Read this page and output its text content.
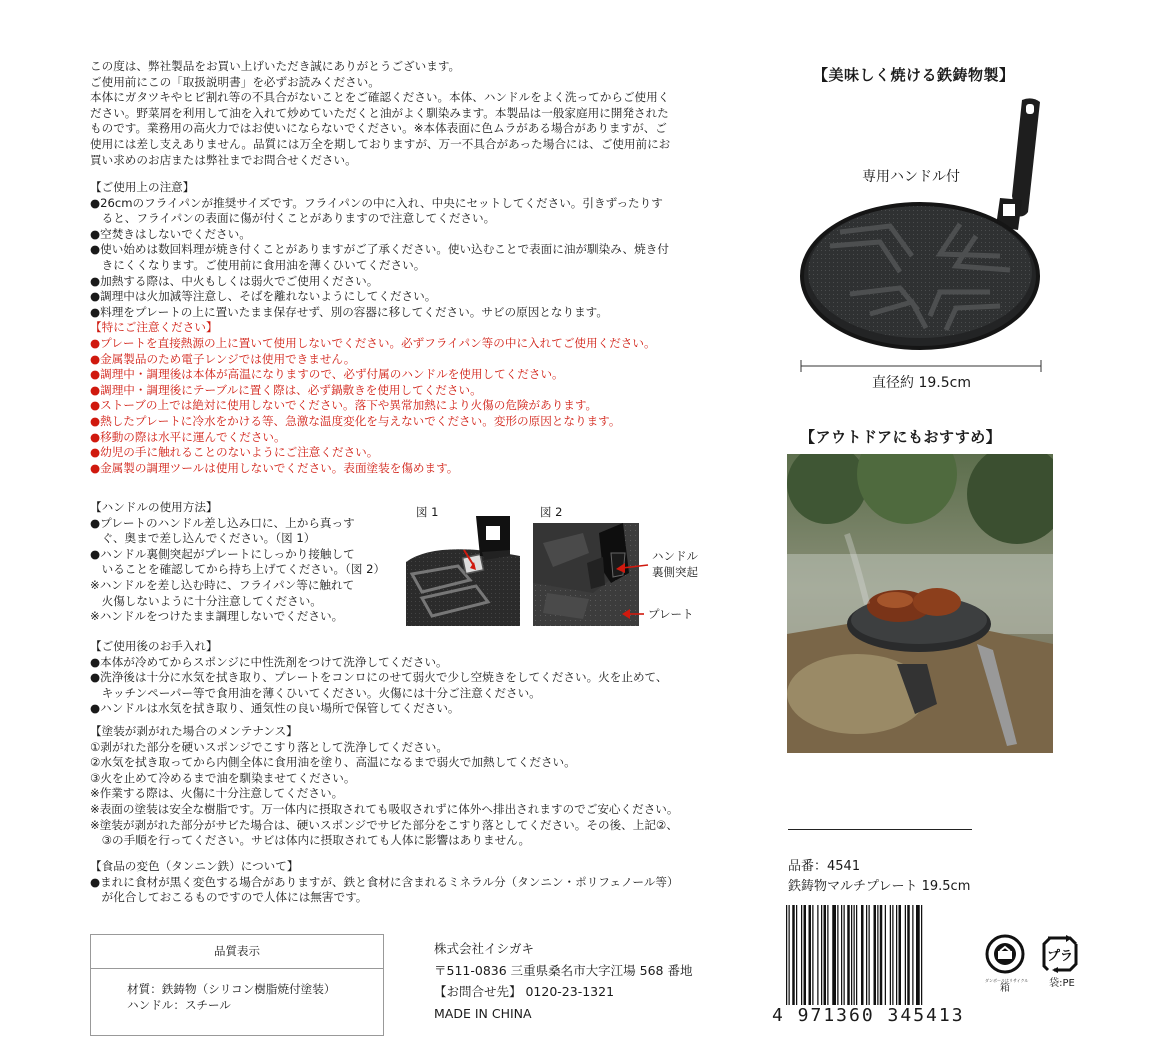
この度は、弊社製品をお買い上げいただき誠にありがとうございます。

ご使用前にこの「取扱説明書」を必ずお読みください。

本体にガタツキやヒビ割れ等の不具合がないことをご確認ください。本体、ハンドルをよく洗ってからご使用く

ださい。野菜屑を利用して油を入れて炒めていただくと油がよく馴染みます。本製品は一般家庭用に開発された

ものです。業務用の高火力ではお使いにならないでください。※本体表面に色ムラがある場合がありますが、ご

使用には差し支えありません。品質には万全を期しておりますが、万一不具合があった場合には、ご使用前にお

買い求めのお店または弊社までお問合せください。

【ご使用上の注意】

●26cmのフライパンが推奨サイズです。フライパンの中に入れ、中央にセットしてください。引きずったりす

　ると、フライパンの表面に傷が付くことがありますので注意してください。

●空焚きはしないでください。

●使い始めは数回料理が焼き付くことがありますがご了承ください。使い込むことで表面に油が馴染み、焼き付

　きにくくなります。ご使用前に食用油を薄くひいてください。

●加熱する際は、中火もしくは弱火でご使用ください。

●調理中は火加減等注意し、そばを離れないようにしてください。

●料理をプレートの上に置いたまま保存せず、別の容器に移してください。サビの原因となります。

【特にご注意ください】

●プレートを直接熱源の上に置いて使用しないでください。必ずフライパン等の中に入れてご使用ください。

●金属製品のため電子レンジでは使用できません。

●調理中・調理後は本体が高温になりますので、必ず付属のハンドルを使用してください。

●調理中・調理後にテーブルに置く際は、必ず鍋敷きを使用してください。

●ストーブの上では絶対に使用しないでください。落下や異常加熱により火傷の危険があります。

●熱したプレートに冷水をかける等、急激な温度変化を与えないでください。変形の原因となります。

●移動の際は水平に運んでください。

●幼児の手に触れることのないようにご注意ください。

●金属製の調理ツールは使用しないでください。表面塗装を傷めます。

【ハンドルの使用方法】

●プレートのハンドル差し込み口に、上から真っす

　ぐ、奥まで差し込んでください。（図 1）

●ハンドル裏側突起がプレートにしっかり接触して

　いることを確認してから持ち上げてください。（図 2）

※ハンドルを差し込む時に、フライパン等に触れて

　火傷しないように十分注意してください。

※ハンドルをつけたまま調理しないでください。

図 1	図 2
ハンドル
裏側突起
プレート

【ご使用後のお手入れ】

●本体が冷めてからスポンジに中性洗剤をつけて洗浄してください。

●洗浄後は十分に水気を拭き取り、プレートをコンロにのせて弱火で少し空焼きをしてください。火を止めて、

　キッチンペーパー等で食用油を薄くひいてください。火傷には十分ご注意ください。

●ハンドルは水気を拭き取り、通気性の良い場所で保管してください。

【塗装が剥がれた場合のメンテナンス】

①剥がれた部分を硬いスポンジでこすり落として洗浄してください。

②水気を拭き取ってから内側全体に食用油を塗り、高温になるまで弱火で加熱してください。

③火を止めて冷めるまで油を馴染ませてください。

※作業する際は、火傷に十分注意してください。

※表面の塗装は安全な樹脂です。万一体内に摂取されても吸収されずに体外へ排出されますのでご安心ください。

※塗装が剥がれた部分がサビた場合は、硬いスポンジでサビた部分をこすり落としてください。その後、上記②、

　③の手順を行ってください。サビは体内に摂取されても人体に影響はありません。

【食品の変色（タンニン鉄）について】

●まれに食材が黒く変色する場合がありますが、鉄と食材に含まれるミネラル分（タンニン・ポリフェノール等）

　が化合しておこるものですので人体には無害です。

品質表示
材質：鉄鋳物（シリコン樹脂焼付塗装）
ハンドル：スチール
株式会社イシガキ
〒511-0836 三重県桑名市大字江場 568 番地
【お問合せ先】 0120-23-1321
MADE IN CHINA
【美味しく焼ける鉄鋳物製】
専用ハンドル付
直径約 19.5cm
【アウトドアにもおすすめ】
品番：4541
鉄鋳物マルチプレート 19.5cm
4 971360 345413
ダンボールはリサイクル
箱
プラ
袋:PE
